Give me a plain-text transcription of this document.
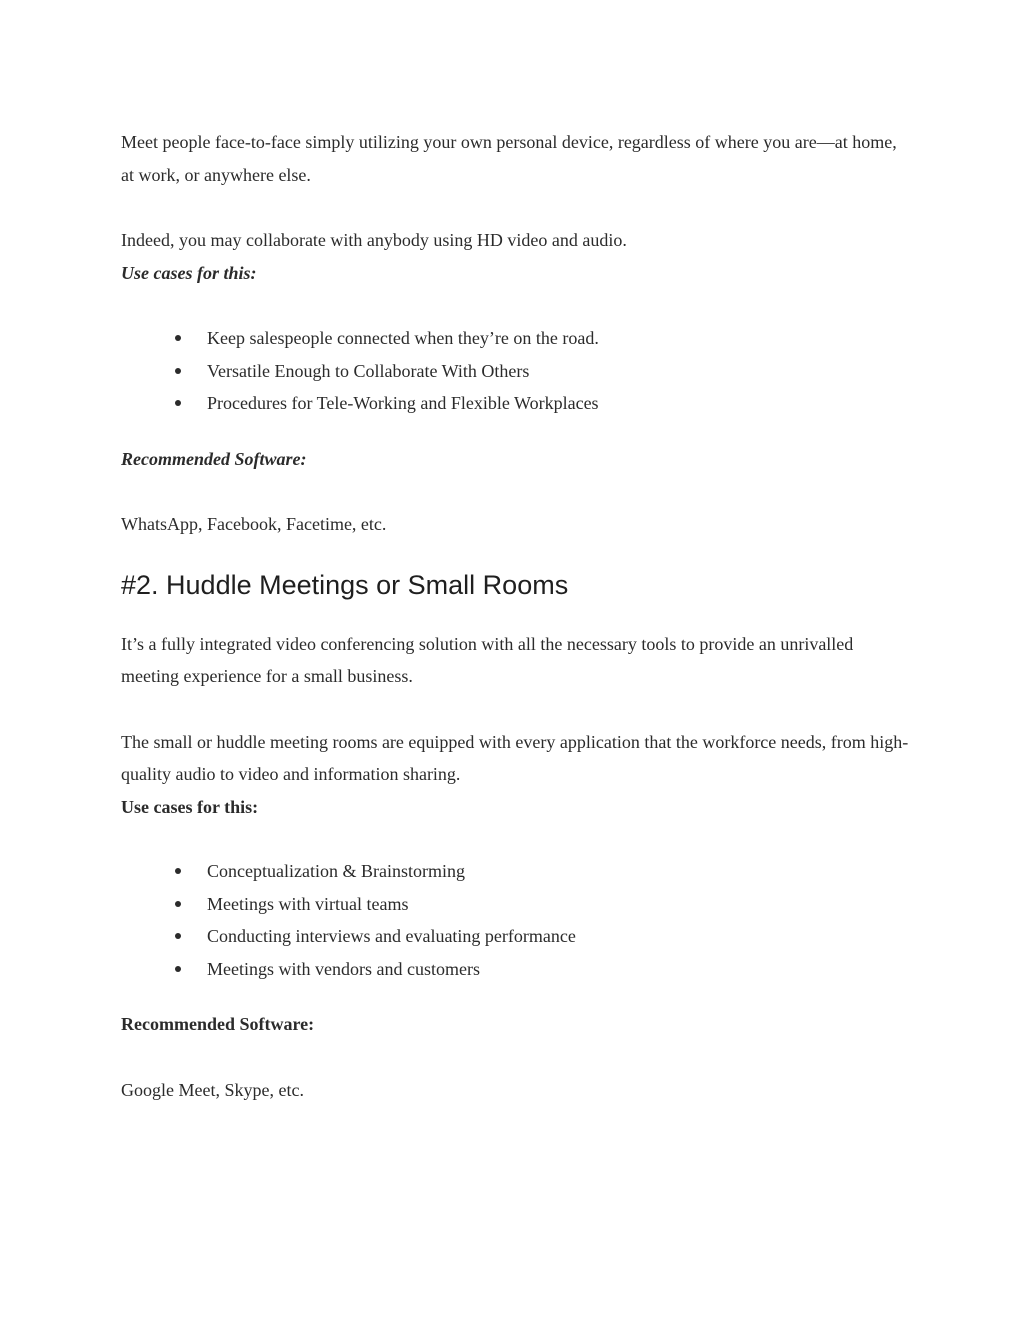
Meet people face-to-face simply utilizing your own personal device, regardless of where you are—at home, at work, or anywhere else.

Indeed, you may collaborate with anybody using HD video and audio.

Use cases for this:

Keep salespeople connected when they’re on the road.
Versatile Enough to Collaborate With Others
Procedures for Tele-Working and Flexible Workplaces

Recommended Software:

WhatsApp, Facebook, Facetime, etc.

#2. Huddle Meetings or Small Rooms

It’s a fully integrated video conferencing solution with all the necessary tools to provide an unrivalled meeting experience for a small business.

The small or huddle meeting rooms are equipped with every application that the workforce needs, from high-quality audio to video and information sharing.

Use cases for this:

Conceptualization & Brainstorming
Meetings with virtual teams
Conducting interviews and evaluating performance
Meetings with vendors and customers

Recommended Software:

Google Meet, Skype, etc.
